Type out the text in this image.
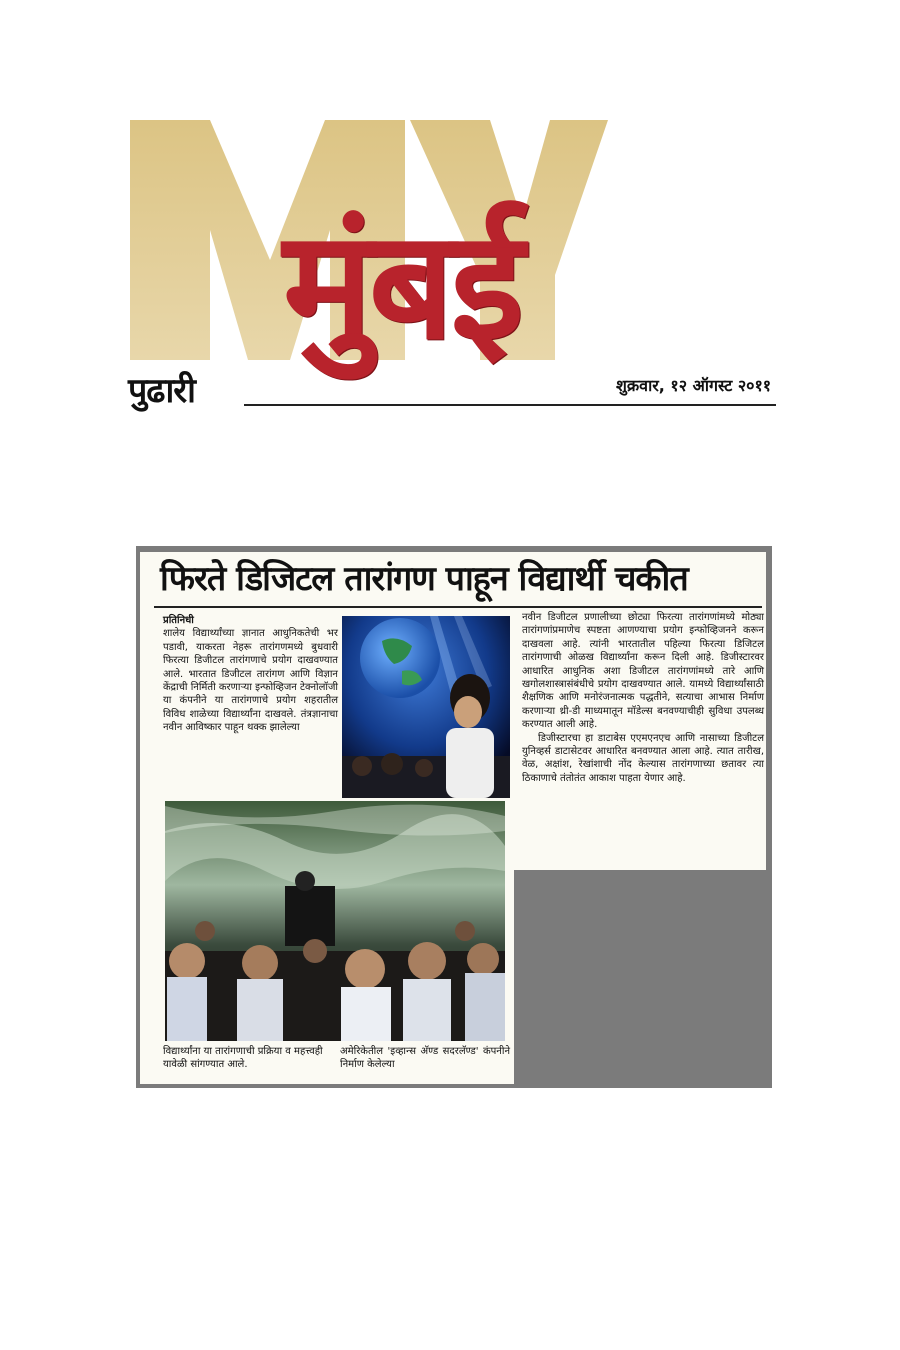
मुंबई
पुढारी	शुक्रवार, १२ ऑगस्ट २०११
फिरते डिजिटल तारांगण पाहून विद्यार्थी चकीत
प्रतिनिधी
शालेय विद्यार्थ्यांच्या ज्ञानात आधुनिकतेची भर पडावी, याकरता नेहरू तारांगणमध्ये बुधवारी फिरत्या डिजीटल तारांगणाचे प्रयोग दाखवण्यात आले. भारतात डिजीटल तारांगण आणि विज्ञान केंद्राची निर्मिती करणाऱ्या इन्फोव्हिजन टेक्नोलॉजी या कंपनीने या तारांगणाचे प्रयोग शहरातील विविध शाळेच्या विद्यार्थ्यांना दाखवले. तंत्रज्ञानाचा नवीन आविष्कार पाहून थक्क झालेल्या

नवीन डिजीटल प्रणालीच्या छोट्या फिरत्या तारांगणांमध्ये मोठ्या तारांगणांप्रमाणेच स्पष्टता आणण्याचा प्रयोग इन्फोव्हिजनने करून दाखवला आहे. त्यांनी भारतातील पहिल्या फिरत्या डिजिटल तारांगणाची ओळख विद्यार्थ्यांना करून दिली आहे. डिजीस्टारवर आधारित आधुनिक अशा डिजीटल तारांगणांमध्ये तारे आणि खगोलशास्त्रासंबंधीचे प्रयोग दाखवण्यात आले. यामध्ये विद्यार्थ्यांसाठी शैक्षणिक आणि मनोरंजनात्मक पद्धतीने, सत्याचा आभास निर्माण करणाऱ्या थ्री-डी माध्यमातून मॉडेल्स बनवण्याचीही सुविधा उपलब्ध करण्यात आली आहे.

डिजीस्टारचा हा डाटाबेस एएमएनएच आणि नासाच्या डिजीटल युनिव्हर्स डाटासेटवर आधारित बनवण्यात आला आहे. त्यात तारीख, वेळ, अक्षांश, रेखांशाची नोंद केल्यास तारांगणाच्या छतावर त्या ठिकाणाचे तंतोतंत आकाश पाहता येणार आहे.

विद्यार्थ्यांना या तारांगणाची प्रक्रिया व महत्त्वही यावेळी सांगण्यात आले.
अमेरिकेतील 'इव्हान्स अ‍ॅण्ड सदरलॅण्ड' कंपनीने निर्माण केलेल्या
